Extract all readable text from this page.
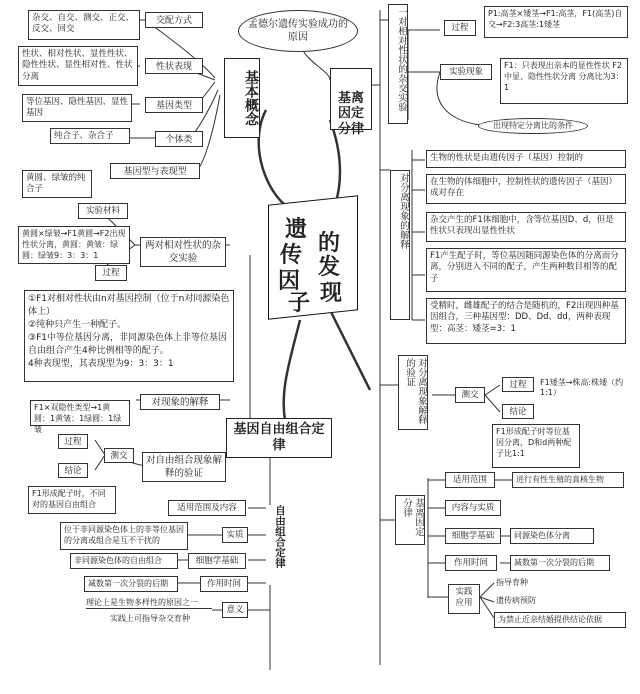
孟德尔遗传实验成功的原因
遗
传
因
子
的
发
现
基本概念
杂交、自交、测交、正交、反交、回交
交配方式
性状、相对性状、显性性状、隐性性状、显性相对性、性状分离
性状表现
等位基因、隐性基因、显性基因
基因类型
纯合子、杂合子	个体类
基因型与表现型

基离
因定
分律

一对相对性状的杂交实验	过程
P1:高茎×矮茎→F1:高茎，F1(高茎)自交→F2:3高茎:1矮茎
实验现象
F1：只表现出亲本的显性性状 F2中显、隐性性状分离 分离比为3：1
出现特定分离比的条件
对分离现象的解释
生物的性状是由遗传因子（基因）控制的
在生物的体细胞中，控制性状的遗传因子（基因）成对存在
杂交产生的F1体细胞中，含等位基因D、d，但是性状只表现出显性性状
F1产生配子时，等位基因随同源染色体的分离而分离，分别进入不同的配子，产生两种数目相等的配子
受精时，雌雄配子的结合是随机的，F2出现四种基因组合，三种基因型：DD、Dd、dd，两种表现型：高茎：矮茎=3：1
对分离现象解释的验证
测交
过程	F1矮茎→株高:株矮（约1:1）
结论
F1形成配子时等位基因分离，D和d两种配子比1:1
基离因定分律
适用范围	进行有性生殖的真核生物
内容与实质
细胞学基础	同源染色体分离
作用时间	减数第一次分裂的后期
实践应用
指导育种
遗传病预防
为禁止近亲结婚提供结论依据
黄圆、绿皱的纯合子
实验材料
黄圆×绿皱→F1黄圆→F2出现性状分离，黄圆：黄皱：绿圆：绿皱9：3：3：1
过程
两对相对性状的杂交实验
①F1对相对性状由n对基因控制（位于n对同源染色体上）
②纯种只产生一种配子。
③F1中等位基因分离，非同源染色体上非等位基因自由组合产生4种比例相等的配子。
4种表现型，其表现型为9：3：3：1
对现象的解释
基因自由组合定律
F1×双隐性类型→1黄圆：1黄皱：1绿圆：1绿皱
过程
测交
结论
对自由组合现象解释的验证
F1形成配子时，不同对的基因自由组合
自由组合定律
适用范围及内容
位于非同源染色体上的非等位基因的分离或组合是互不干扰的
实质
非同源染色体的自由组合	细胞学基础
减数第一次分裂的后期	作用时间
理论上是生物多样性的原因之一
实践上可指导杂交育种
意义
